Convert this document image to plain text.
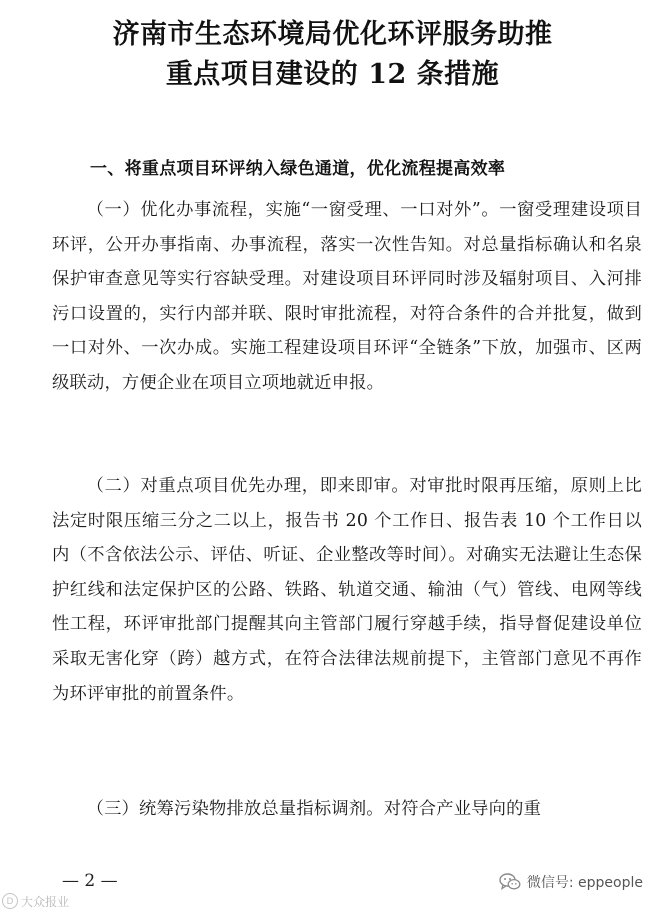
济南市生态环境局优化环评服务助推
重点项目建设的 12 条措施
一、将重点项目环评纳入绿色通道，优化流程提高效率

（一）优化办事流程，实施“一窗受理、一口对外”。一窗受理建设项目环评，公开办事指南、办事流程，落实一次性告知。对总量指标确认和名泉保护审查意见等实行容缺受理。对建设项目环评同时涉及辐射项目、入河排污口设置的，实行内部并联、限时审批流程，对符合条件的合并批复，做到一口对外、一次办成。实施工程建设项目环评“全链条”下放，加强市、区两级联动，方便企业在项目立项地就近申报。

（二）对重点项目优先办理，即来即审。对审批时限再压缩，原则上比法定时限压缩三分之二以上，报告书 20 个工作日、报告表 10 个工作日以内（不含依法公示、评估、听证、企业整改等时间）。对确实无法避让生态保护红线和法定保护区的公路、铁路、轨道交通、输油（气）管线、电网等线性工程，环评审批部门提醒其向主管部门履行穿越手续，指导督促建设单位采取无害化穿（跨）越方式，在符合法律法规前提下，主管部门意见不再作为环评审批的前置条件。

（三）统筹污染物排放总量指标调剂。对符合产业导向的重

— 2 —
D 大众报业
微信号: eppeople
